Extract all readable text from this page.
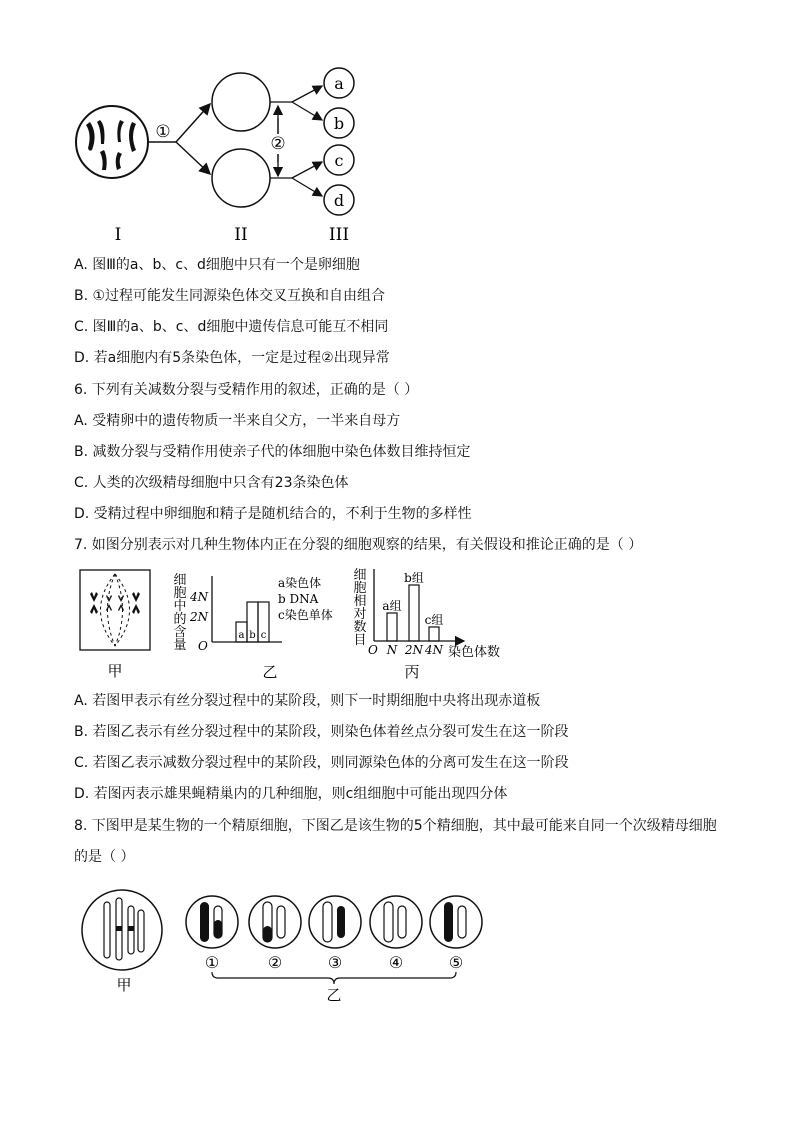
①
②
a
b
c
d
I	II	III
A. 图Ⅲ的a、b、c、d细胞中只有一个是卵细胞
B. ①过程可能发生同源染色体交叉互换和自由组合
C. 图Ⅲ的a、b、c、d细胞中遗传信息可能互不相同
D. 若a细胞内有5条染色体，一定是过程②出现异常
6. 下列有关减数分裂与受精作用的叙述，正确的是（ ）
A. 受精卵中的遗传物质一半来自父方，一半来自母方
B. 减数分裂与受精作用使亲子代的体细胞中染色体数目维持恒定
C. 人类的次级精母细胞中只含有23条染色体
D. 受精过程中卵细胞和精子是随机结合的，不利于生物的多样性
7. 如图分别表示对几种生物体内正在分裂的细胞观察的结果，有关假设和推论正确的是（ ）
甲
细
胞
中
的
含
量
4N
2N
O
a b c
a染色体
b DNA
c染色单体
乙
细
胞
相
对
数
目
a组
b组
c组
O N 2N 4N 染色体数
丙
A. 若图甲表示有丝分裂过程中的某阶段，则下一时期细胞中央将出现赤道板
B. 若图乙表示有丝分裂过程中的某阶段，则染色体着丝点分裂可发生在这一阶段
C. 若图乙表示减数分裂过程中的某阶段，则同源染色体的分离可发生在这一阶段
D. 若图丙表示雄果蝇精巢内的几种细胞，则c组细胞中可能出现四分体
8. 下图甲是某生物的一个精原细胞，下图乙是该生物的5个精细胞，其中最可能来自同一个次级精母细胞
的是（ ）
甲
①	②	③	④	⑤
乙
